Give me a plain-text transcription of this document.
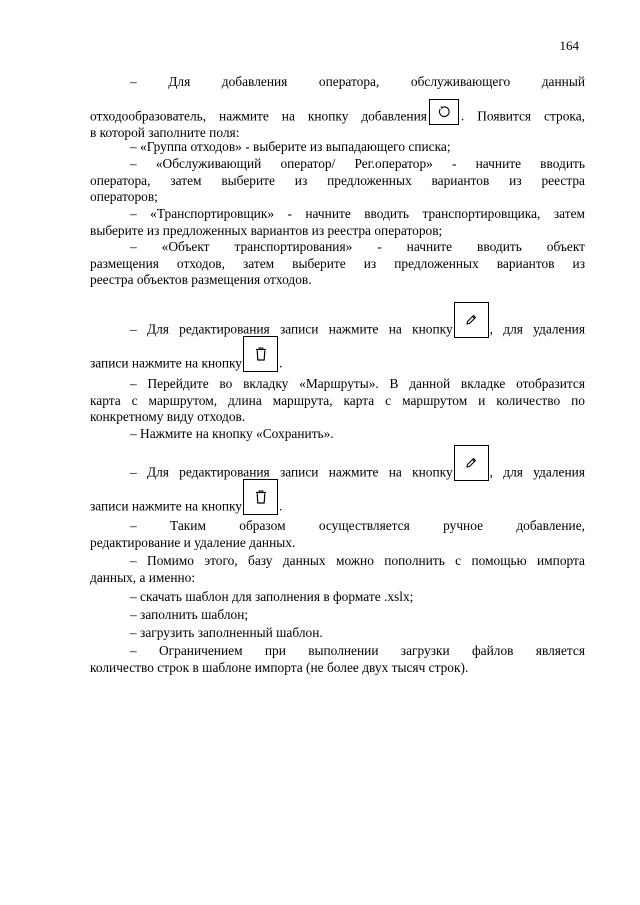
164
– Для добавления оператора, обслуживающего данный
отходообразователь, нажмите на кнопку добавления	. Появится строка,
в которой заполните поля:
– «Группа отходов» - выберите из выпадающего списка;
– «Обслуживающий оператор/ Рег.оператор» - начните вводить
оператора, затем выберите из предложенных вариантов из реестра
операторов;
– «Транспортировщик» - начните вводить транспортировщика, затем
выберите из предложенных вариантов из реестра операторов;
– «Объект транспортирования» - начните вводить объект
размещения отходов, затем выберите из предложенных вариантов из
реестра объектов размещения отходов.
– Для редактирования записи нажмите на кнопку	, для удаления
записи нажмите на кнопку	.
– Перейдите во вкладку «Маршруты». В данной вкладке отобразится
карта с маршрутом, длина маршрута, карта с маршрутом и количество по
конкретному виду отходов.
– Нажмите на кнопку «Сохранить».
– Для редактирования записи нажмите на кнопку	, для удаления
записи нажмите на кнопку	.
– Таким образом осуществляется ручное добавление,
редактирование и удаление данных.
– Помимо этого, базу данных можно пополнить с помощью импорта
данных, а именно:
– скачать шаблон для заполнения в формате .xslx;
– заполнить шаблон;
– загрузить заполненный шаблон.
– Ограничением при выполнении загрузки файлов является
количество строк в шаблоне импорта (не более двух тысяч строк).
